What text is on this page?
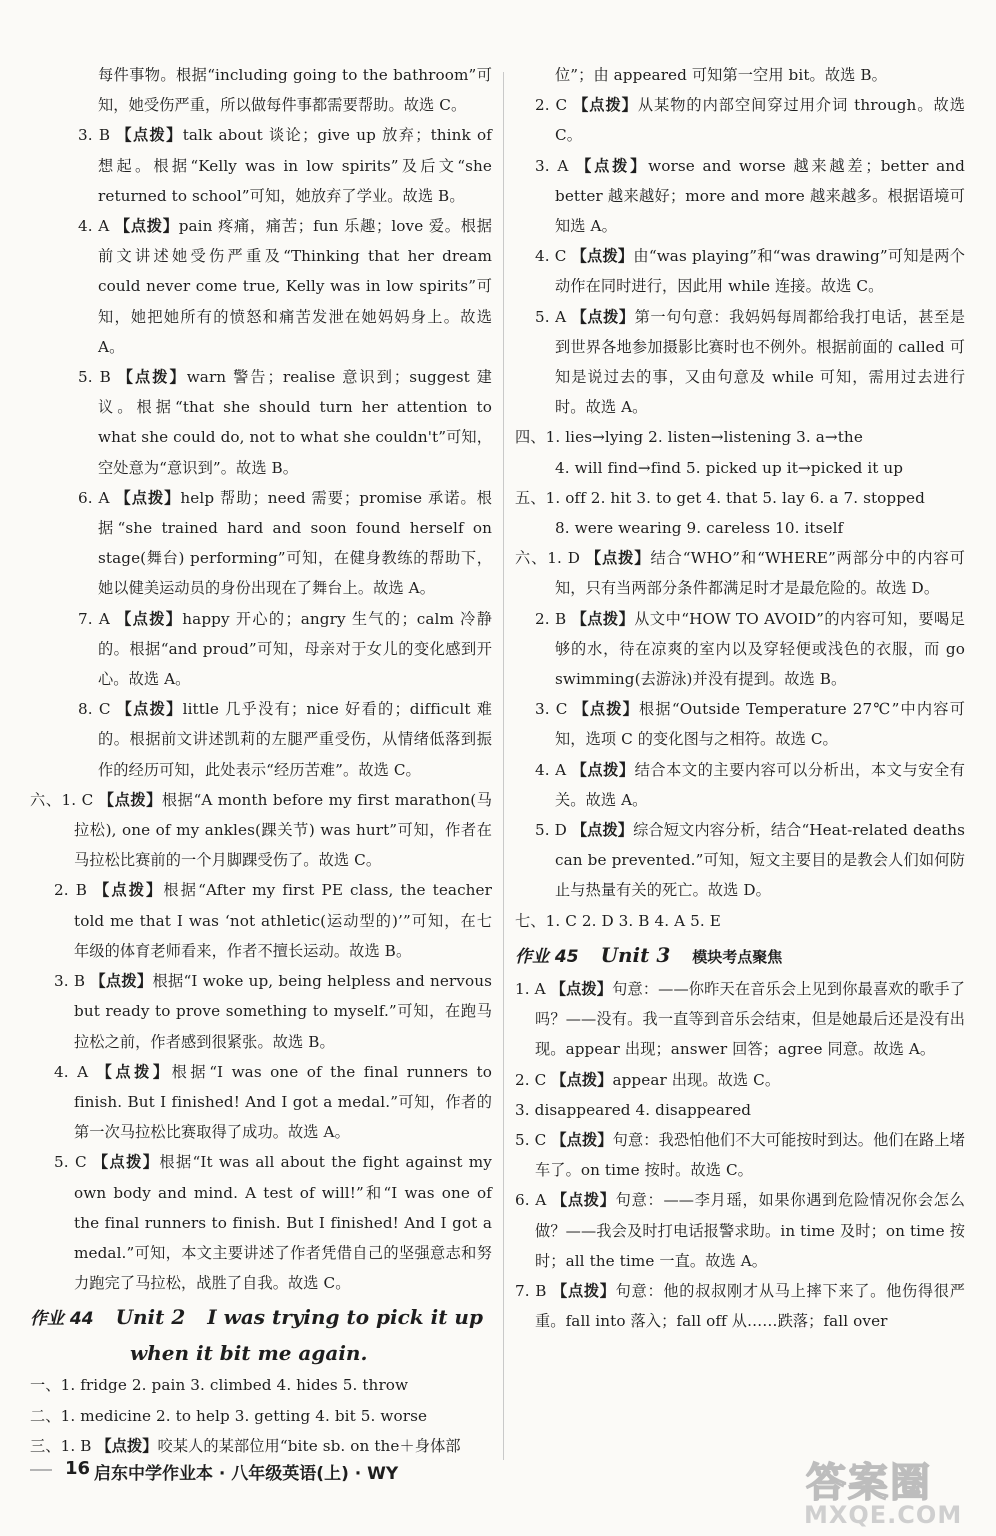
每件事物。根据“including going to the bathroom”可知，她受伤严重，所以做每件事都需要帮助。故选 C。

3. B 【点拨】talk about 谈论；give up 放弃；think of 想起。根据“Kelly was in low spirits”及后文“she returned to school”可知，她放弃了学业。故选 B。

4. A 【点拨】pain 疼痛，痛苦；fun 乐趣；love 爱。根据前文讲述她受伤严重及“Thinking that her dream could never come true, Kelly was in low spirits”可知，她把她所有的愤怒和痛苦发泄在她妈妈身上。故选 A。

5. B 【点拨】warn 警告；realise 意识到；suggest 建议。根据“that she should turn her attention to what she could do, not to what she couldn't”可知，空处意为“意识到”。故选 B。

6. A 【点拨】help 帮助；need 需要；promise 承诺。根据“she trained hard and soon found herself on stage(舞台) performing”可知，在健身教练的帮助下，她以健美运动员的身份出现在了舞台上。故选 A。

7. A 【点拨】happy 开心的；angry 生气的；calm 冷静的。根据“and proud”可知，母亲对于女儿的变化感到开心。故选 A。

8. C 【点拨】little 几乎没有；nice 好看的；difficult 难的。根据前文讲述凯莉的左腿严重受伤，从情绪低落到振作的经历可知，此处表示“经历苦难”。故选 C。

六、1. C 【点拨】根据“A month before my first marathon(马拉松), one of my ankles(踝关节) was hurt”可知，作者在马拉松比赛前的一个月脚踝受伤了。故选 C。

2. B 【点拨】根据“After my first PE class, the teacher told me that I was ‘not athletic(运动型的)’”可知，在七年级的体育老师看来，作者不擅长运动。故选 B。

3. B 【点拨】根据“I woke up, being helpless and nervous but ready to prove something to myself.”可知，在跑马拉松之前，作者感到很紧张。故选 B。

4. A 【点拨】根据“I was one of the final runners to finish. But I finished! And I got a medal.”可知，作者的第一次马拉松比赛取得了成功。故选 A。

5. C 【点拨】根据“It was all about the fight against my own body and mind. A test of will!”和“I was one of the final runners to finish. But I finished! And I got a medal.”可知，本文主要讲述了作者凭借自己的坚强意志和努力跑完了马拉松，战胜了自我。故选 C。

作业 44 Unit 2 I was trying to pick it up
when it bit me again.

一、1. fridge 2. pain 3. climbed 4. hides 5. throw

二、1. medicine 2. to help 3. getting 4. bit 5. worse

三、1. B 【点拨】咬某人的某部位用“bite sb. on the＋身体部

位”；由 appeared 可知第一空用 bit。故选 B。

2. C 【点拨】从某物的内部空间穿过用介词 through。故选 C。

3. A 【点拨】worse and worse 越来越差；better and better 越来越好；more and more 越来越多。根据语境可知选 A。

4. C 【点拨】由“was playing”和“was drawing”可知是两个动作在同时进行，因此用 while 连接。故选 C。

5. A 【点拨】第一句句意：我妈妈每周都给我打电话，甚至是到世界各地参加摄影比赛时也不例外。根据前面的 called 可知是说过去的事，又由句意及 while 可知，需用过去进行时。故选 A。

四、1. lies→lying 2. listen→listening 3. a→the

4. will find→find 5. picked up it→picked it up

五、1. off 2. hit 3. to get 4. that 5. lay 6. a 7. stopped

8. were wearing 9. careless 10. itself

六、1. D 【点拨】结合“WHO”和“WHERE”两部分中的内容可知，只有当两部分条件都满足时才是最危险的。故选 D。

2. B 【点拨】从文中“HOW TO AVOID”的内容可知，要喝足够的水，待在凉爽的室内以及穿轻便或浅色的衣服，而 go swimming(去游泳)并没有提到。故选 B。

3. C 【点拨】根据“Outside Temperature 27℃”中内容可知，选项 C 的变化图与之相符。故选 C。

4. A 【点拨】结合本文的主要内容可以分析出，本文与安全有关。故选 A。

5. D 【点拨】综合短文内容分析，结合“Heat-related deaths can be prevented.”可知，短文主要目的是教会人们如何防止与热量有关的死亡。故选 D。

七、1. C 2. D 3. B 4. A 5. E

作业 45 Unit 3 模块考点聚焦

1. A 【点拨】句意：——你昨天在音乐会上见到你最喜欢的歌手了吗？——没有。我一直等到音乐会结束，但是她最后还是没有出现。appear 出现；answer 回答；agree 同意。故选 A。

2. C 【点拨】appear 出现。故选 C。

3. disappeared 4. disappeared

5. C 【点拨】句意：我恐怕他们不大可能按时到达。他们在路上堵车了。on time 按时。故选 C。

6. A 【点拨】句意：——李月瑶，如果你遇到危险情况你会怎么做？——我会及时打电话报警求助。in time 及时；on time 按时；all the time 一直。故选 A。

7. B 【点拨】句意：他的叔叔刚才从马上摔下来了。他伤得很严重。fall into 落入；fall off 从……跌落；fall over

16 启东中学作业本 · 八年级英语(上) · WY	答案圈
MXQE.COM
